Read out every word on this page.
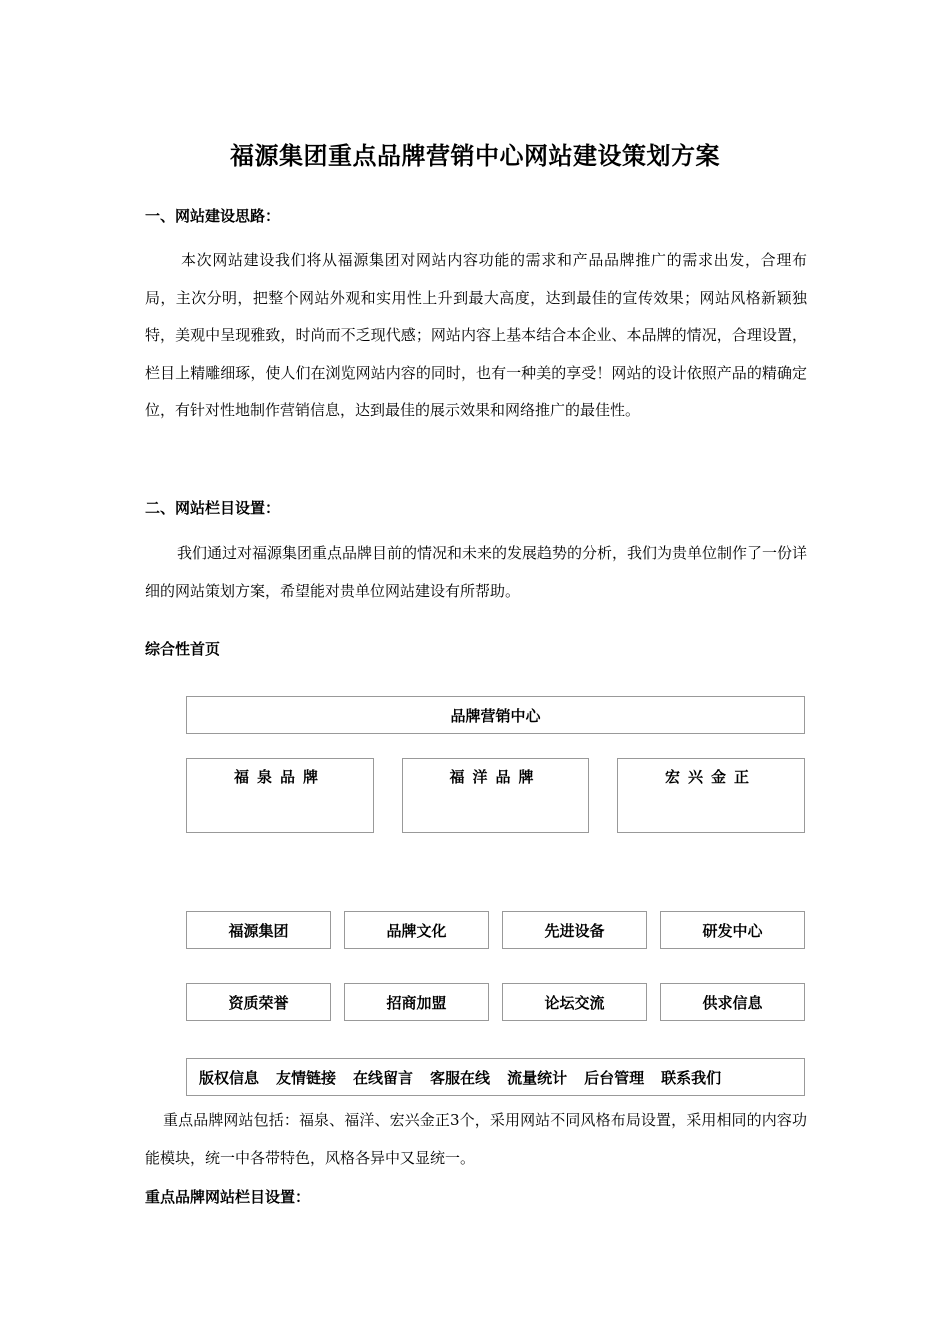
福源集团重点品牌营销中心网站建设策划方案
一、网站建设思路：

本次网站建设我们将从福源集团对网站内容功能的需求和产品品牌推广的需求出发，合理布局，主次分明，把整个网站外观和实用性上升到最大高度，达到最佳的宣传效果；网站风格新颖独特，美观中呈现雅致，时尚而不乏现代感；网站内容上基本结合本企业、本品牌的情况，合理设置，栏目上精雕细琢，使人们在浏览网站内容的同时，也有一种美的享受！网站的设计依照产品的精确定位，有针对性地制作营销信息，达到最佳的展示效果和网络推广的最佳性。

二、网站栏目设置：

我们通过对福源集团重点品牌目前的情况和未来的发展趋势的分析，我们为贵单位制作了一份详细的网站策划方案，希望能对贵单位网站建设有所帮助。

综合性首页
品牌营销中心
福泉品牌	福洋品牌	宏兴金正
福源集团	品牌文化	先进设备	研发中心
资质荣誉	招商加盟	论坛交流	供求信息
版权信息 友情链接 在线留言 客服在线 流量统计 后台管理 联系我们

重点品牌网站包括：福泉、福洋、宏兴金正3个，采用网站不同风格布局设置，采用相同的内容功能模块，统一中各带特色，风格各异中又显统一。

重点品牌网站栏目设置：
